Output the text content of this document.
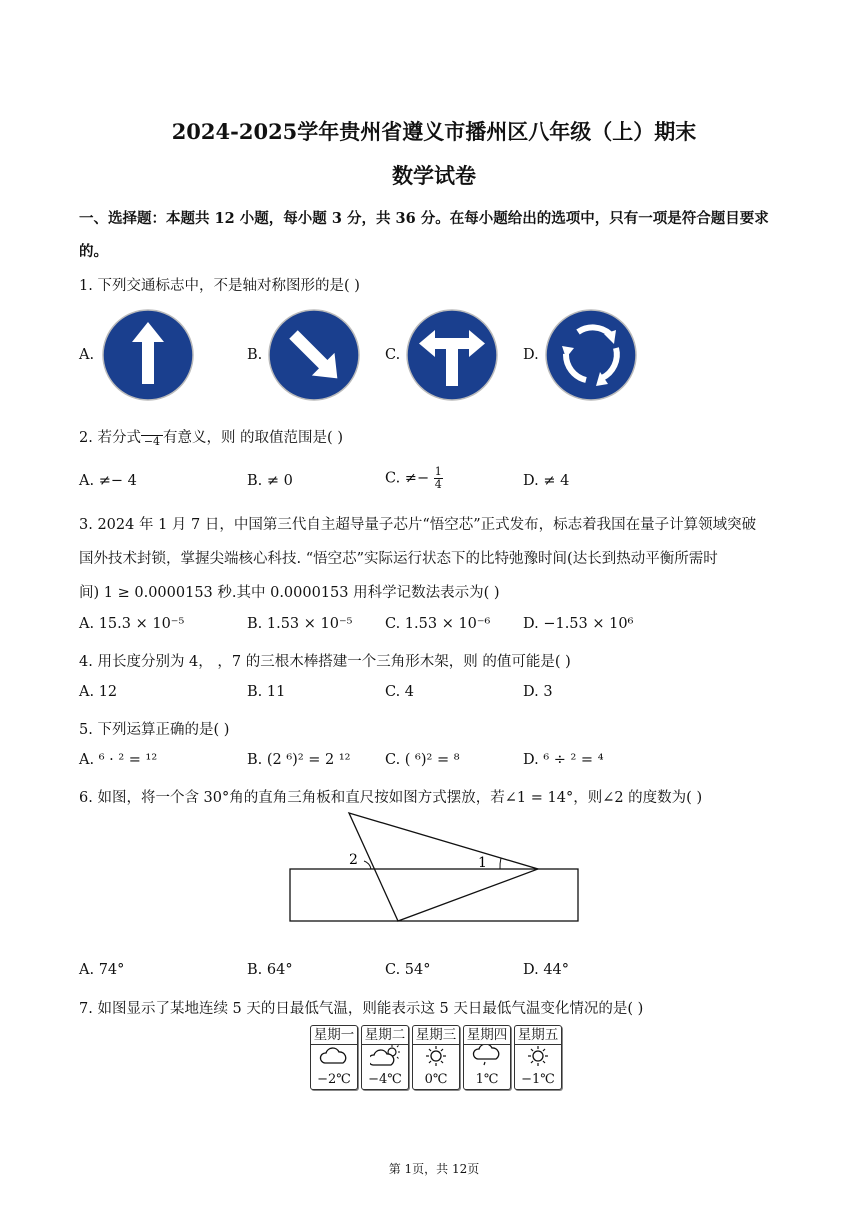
2024-2025学年贵州省遵义市播州区八年级（上）期末
数学试卷
一、选择题：本题共 12 小题，每小题 3 分，共 36 分。在每小题给出的选项中，只有一项是符合题目要求
的。
1. 下列交通标志中，不是轴对称图形的是( )
A.	B.	C.	D.
2. 若分式 −4 有意义，则 的取值范围是( )
A. ≠− 4	B. ≠ 0	C. ≠− $\frac{1}{4}$	D. ≠ 4
3. 2024 年 1 月 7 日，中国第三代自主超导量子芯片“悟空芯”正式发布，标志着我国在量子计算领域突破
国外技术封锁，掌握尖端核心科技. “悟空芯”实际运行状态下的比特弛豫时间(达长到热动平衡所需时
间) 1 ≥ 0.0000153 秒.其中 0.0000153 用科学记数法表示为( )
A. 15.3 × 10⁻⁵	B. 1.53 × 10⁻⁵ C. 1.53 × 10⁻⁶ D. −1.53 × 10⁶
4. 用长度分别为 4， ，7 的三根木棒搭建一个三角形木架，则 的值可能是( )
A. 12	B. 11	C. 4	D. 3
5. 下列运算正确的是( )
A. ⁶ · ² = ¹²	B. (2 ⁶)² = 2 ¹² C. ( ⁶)² = ⁸	D. ⁶ ÷ ² = ⁴
6. 如图，将一个含 30°角的直角三角板和直尺按如图方式摆放，若∠1 = 14°，则∠2 的度数为( )
1
2
A. 74°	B. 64°	C. 54°	D. 44°
7. 如图显示了某地连续 5 天的日最低气温，则能表示这 5 天日最低气温变化情况的是( )
星期一
−2℃
星期二
−4℃
星期三
0℃
星期四
1℃
星期五
−1℃
第 1页，共 12页
